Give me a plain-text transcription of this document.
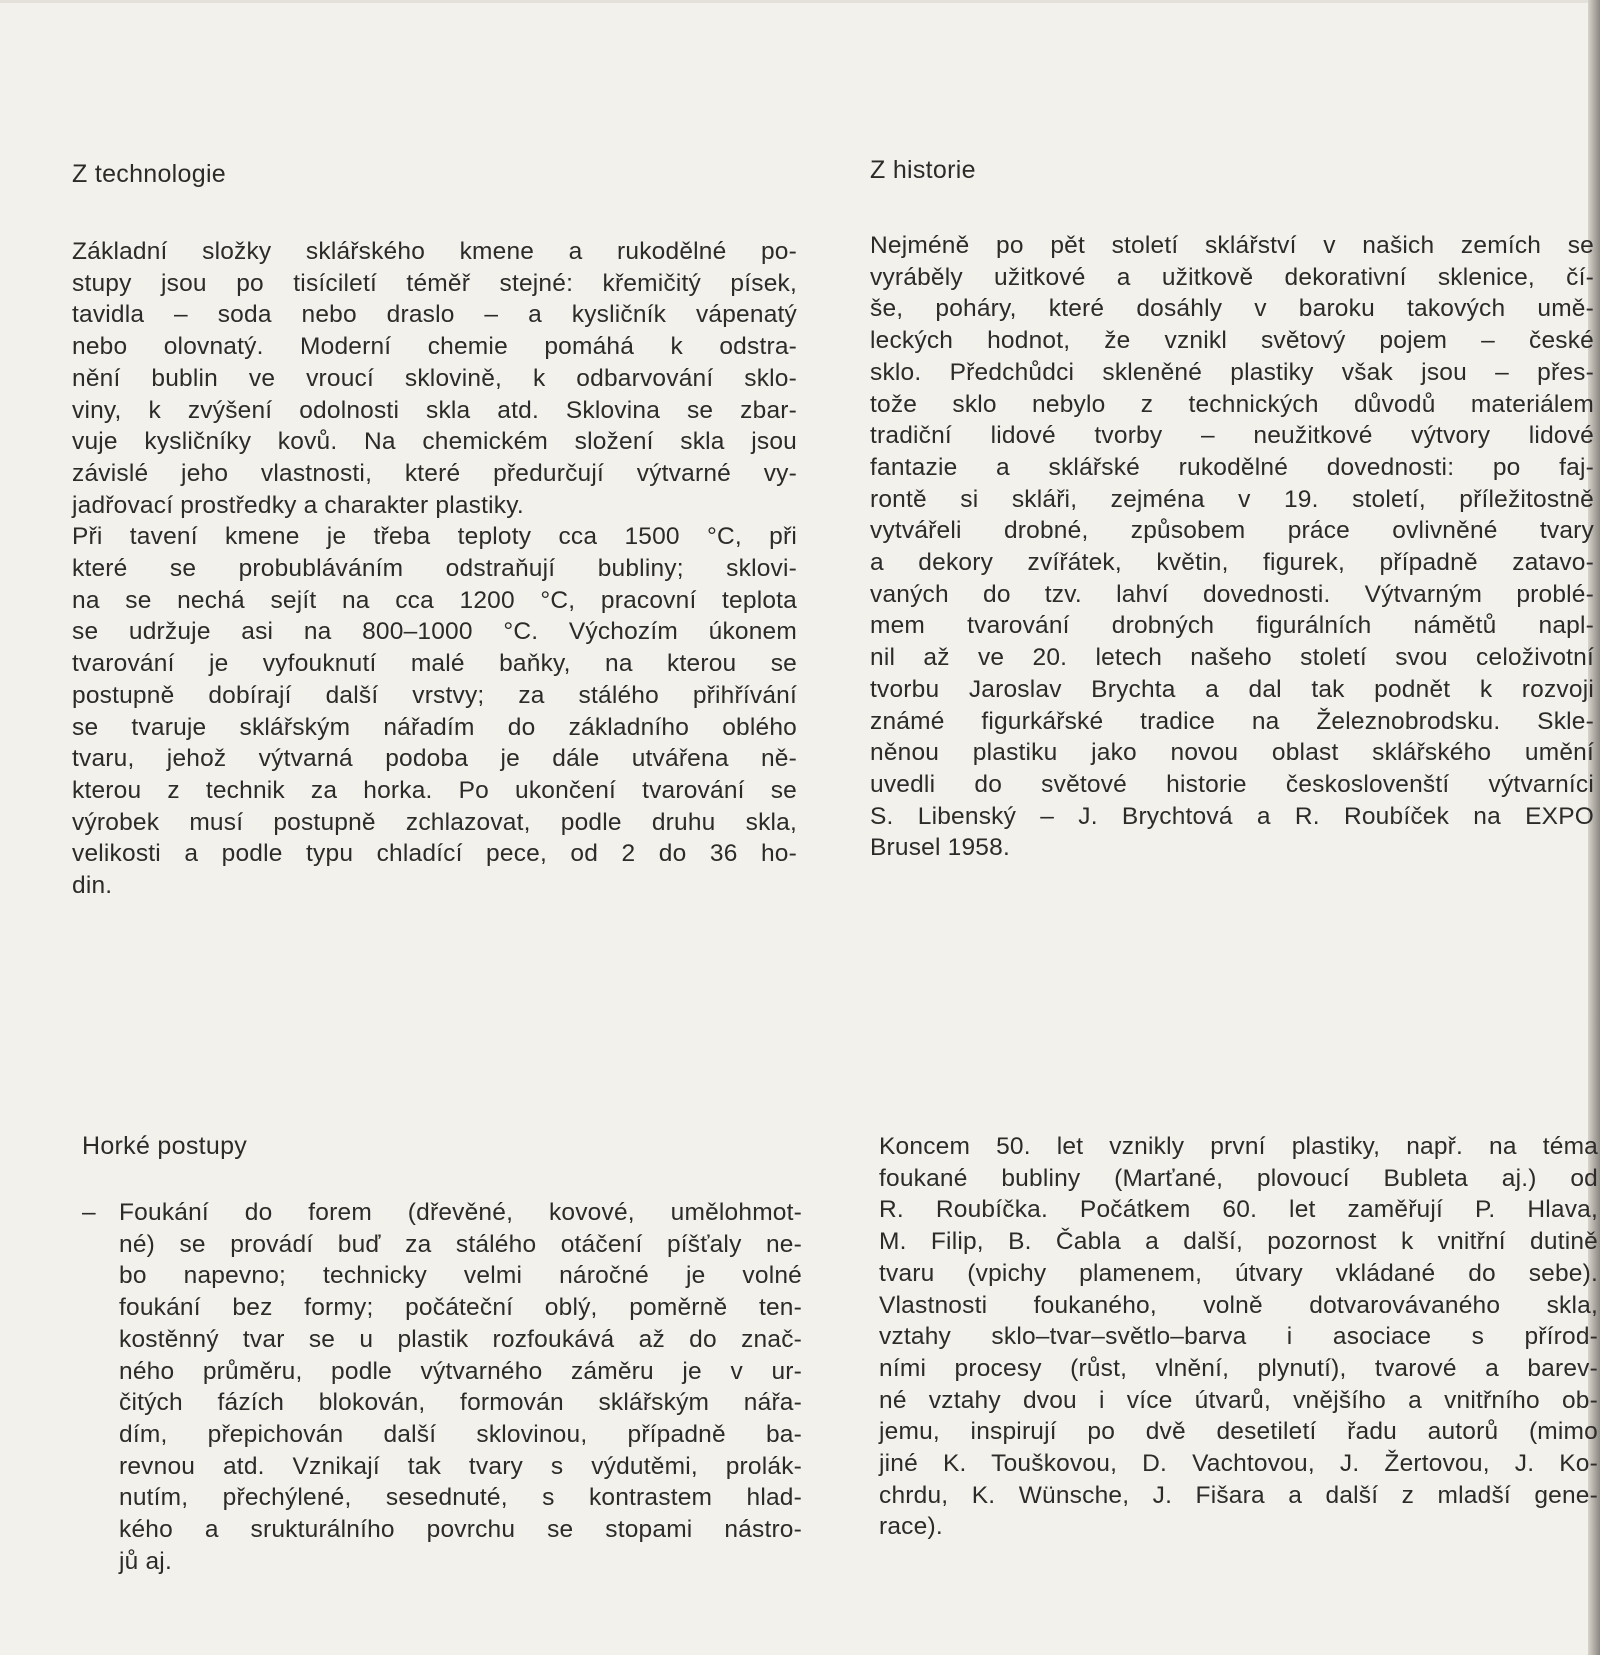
Z technologie
Základní složky sklářského kmene a rukodělné po-
stupy jsou po tisíciletí téměř stejné: křemičitý písek,
tavidla – soda nebo draslo – a kysličník vápenatý
nebo olovnatý. Moderní chemie pomáhá k odstra-
nění bublin ve vroucí sklovině, k odbarvování sklo-
viny, k zvýšení odolnosti skla atd. Sklovina se zbar-
vuje kysličníky kovů. Na chemickém složení skla jsou
závislé jeho vlastnosti, které předurčují výtvarné vy-
jadřovací prostředky a charakter plastiky.
Při tavení kmene je třeba teploty cca 1500 °C, při
které se probubláváním odstraňují bubliny; sklovi-
na se nechá sejít na cca 1200 °C, pracovní teplota
se udržuje asi na 800–1000 °C. Výchozím úkonem
tvarování je vyfouknutí malé baňky, na kterou se
postupně dobírají další vrstvy; za stálého přihřívání
se tvaruje sklářským nářadím do základního oblého
tvaru, jehož výtvarná podoba je dále utvářena ně-
kterou z technik za horka. Po ukončení tvarování se
výrobek musí postupně zchlazovat, podle druhu skla,
velikosti a podle typu chladící pece, od 2 do 36 ho-
din.
Z historie
Nejméně po pět století sklářství v našich zemích se
vyráběly užitkové a užitkově dekorativní sklenice, čí-
še, poháry, které dosáhly v baroku takových umě-
leckých hodnot, že vznikl světový pojem – české
sklo. Předchůdci skleněné plastiky však jsou – přes-
tože sklo nebylo z technických důvodů materiálem
tradiční lidové tvorby – neužitkové výtvory lidové
fantazie a sklářské rukodělné dovednosti: po faj-
rontě si skláři, zejména v 19. století, příležitostně
vytvářeli drobné, způsobem práce ovlivněné tvary
a dekory zvířátek, květin, figurek, případně zatavo-
vaných do tzv. lahví dovednosti. Výtvarným problé-
mem tvarování drobných figurálních námětů napl-
nil až ve 20. letech našeho století svou celoživotní
tvorbu Jaroslav Brychta a dal tak podnět k rozvoji
známé figurkářské tradice na Železnobrodsku. Skle-
něnou plastiku jako novou oblast sklářského umění
uvedli do světové historie českoslovenští výtvarníci
S. Libenský – J. Brychtová a R. Roubíček na EXPO
Brusel 1958.
Horké postupy
– Foukání do forem (dřevěné, kovové, umělohmot-
né) se provádí buď za stálého otáčení píšťaly ne-
bo napevno; technicky velmi náročné je volné
foukání bez formy; počáteční oblý, poměrně ten-
kostěnný tvar se u plastik rozfoukává až do znač-
ného průměru, podle výtvarného záměru je v ur-
čitých fázích blokován, formován sklářským nářa-
dím, přepichován další sklovinou, případně ba-
revnou atd. Vznikají tak tvary s výdutěmi, prolák-
nutím, přechýlené, sesednuté, s kontrastem hlad-
kého a srukturálního povrchu se stopami nástro-
jů aj.
Koncem 50. let vznikly první plastiky, např. na téma
foukané bubliny (Marťané, plovoucí Bubleta aj.) od
R. Roubíčka. Počátkem 60. let zaměřují P. Hlava,
M. Filip, B. Čabla a další, pozornost k vnitřní dutině
tvaru (vpichy plamenem, útvary vkládané do sebe).
Vlastnosti foukaného, volně dotvarovávaného skla,
vztahy sklo–tvar–světlo–barva i asociace s přírod-
ními procesy (růst, vlnění, plynutí), tvarové a barev-
né vztahy dvou i více útvarů, vnějšího a vnitřního ob-
jemu, inspirují po dvě desetiletí řadu autorů (mimo
jiné K. Touškovou, D. Vachtovou, J. Žertovou, J. Ko-
chrdu, K. Wünsche, J. Fišara a další z mladší gene-
race).
